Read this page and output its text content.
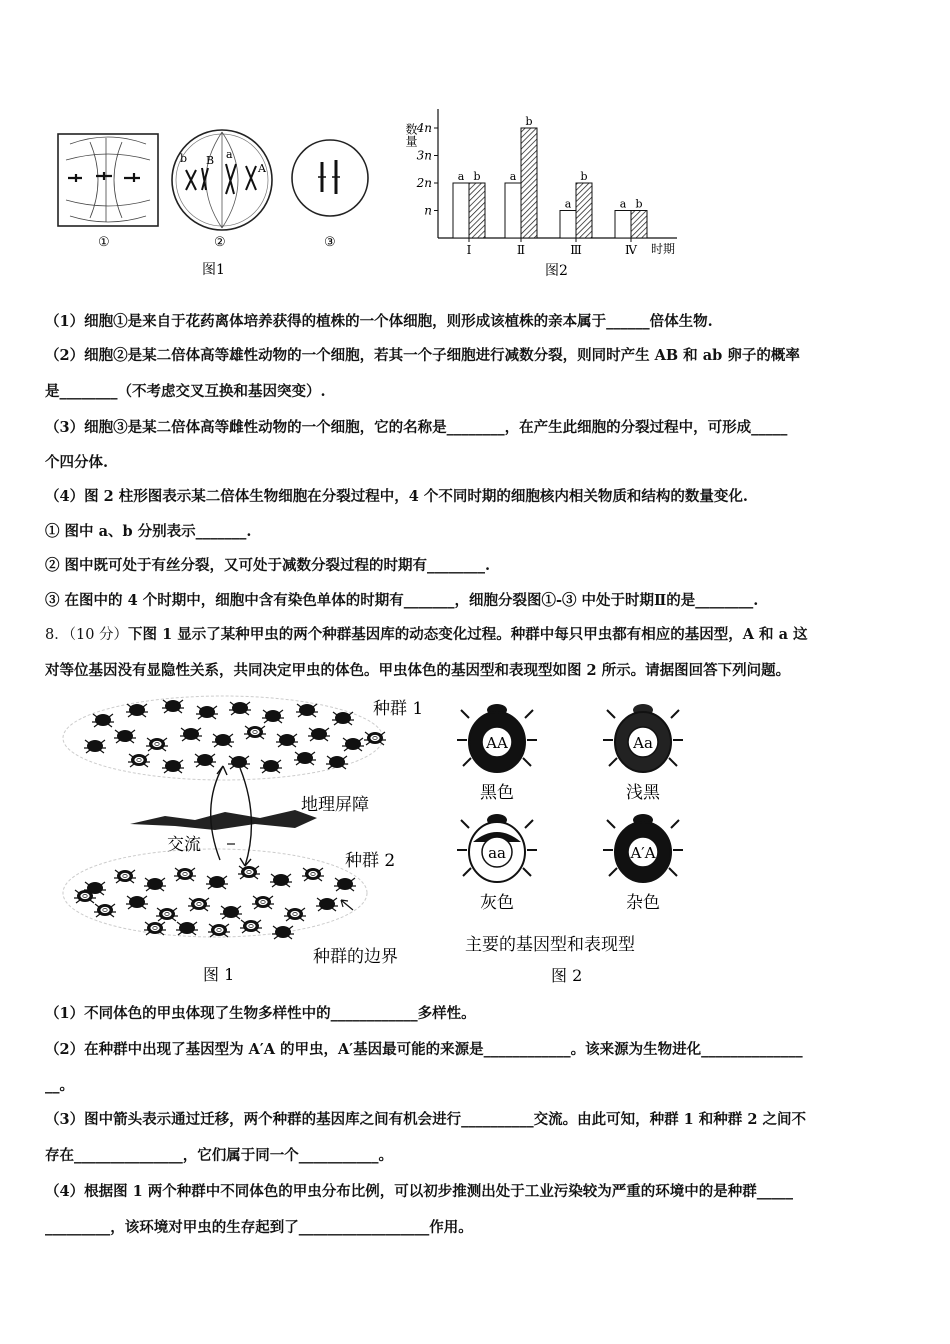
①
b B a
A
②	③
图1
数量
n
2n
3n
4n
a b	a
b
a
b
a b
Ⅰ	Ⅱ	Ⅲ	Ⅳ 时期
图2
（1）细胞①是来自于花药离体培养获得的植株的一个体细胞，则形成该植株的亲本属于______倍体生物.
（2）细胞②是某二倍体高等雄性动物的一个细胞，若其一个子细胞进行减数分裂，则同时产生 AB 和 ab 卵子的概率
是________（不考虑交叉互换和基因突变）.
（3）细胞③是某二倍体高等雌性动物的一个细胞，它的名称是________，在产生此细胞的分裂过程中，可形成_____
个四分体.
（4）图 2 柱形图表示某二倍体生物细胞在分裂过程中，4 个不同时期的细胞核内相关物质和结构的数量变化.
① 图中 a、b 分别表示_______.
② 图中既可处于有丝分裂，又可处于减数分裂过程的时期有________.
③ 在图中的 4 个时期中，细胞中含有染色单体的时期有_______，细胞分裂图①-③ 中处于时期Ⅱ的是________.
8．（10 分）下图 1 显示了某种甲虫的两个种群基因库的动态变化过程。种群中每只甲虫都有相应的基因型，A 和 a 这
对等位基因没有显隐性关系，共同决定甲虫的体色。甲虫体色的基因型和表现型如图 2 所示。请据图回答下列问题。
种群 1
地理屏障
交流
种群 2
种群的边界
图 1
AA
黑色
Aa
浅黑
aa
灰色
A′A
杂色
主要的基因型和表现型
图 2
（1）不同体色的甲虫体现了生物多样性中的____________多样性。
（2）在种群中出现了基因型为 A′A 的甲虫，A′基因最可能的来源是____________。该来源为生物进化______________
__。
（3）图中箭头表示通过迁移，两个种群的基因库之间有机会进行__________交流。由此可知，种群 1 和种群 2 之间不
存在_______________，它们属于同一个___________。
（4）根据图 1 两个种群中不同体色的甲虫分布比例，可以初步推测出处于工业污染较为严重的环境中的是种群_____
_________，该环境对甲虫的生存起到了__________________作用。
